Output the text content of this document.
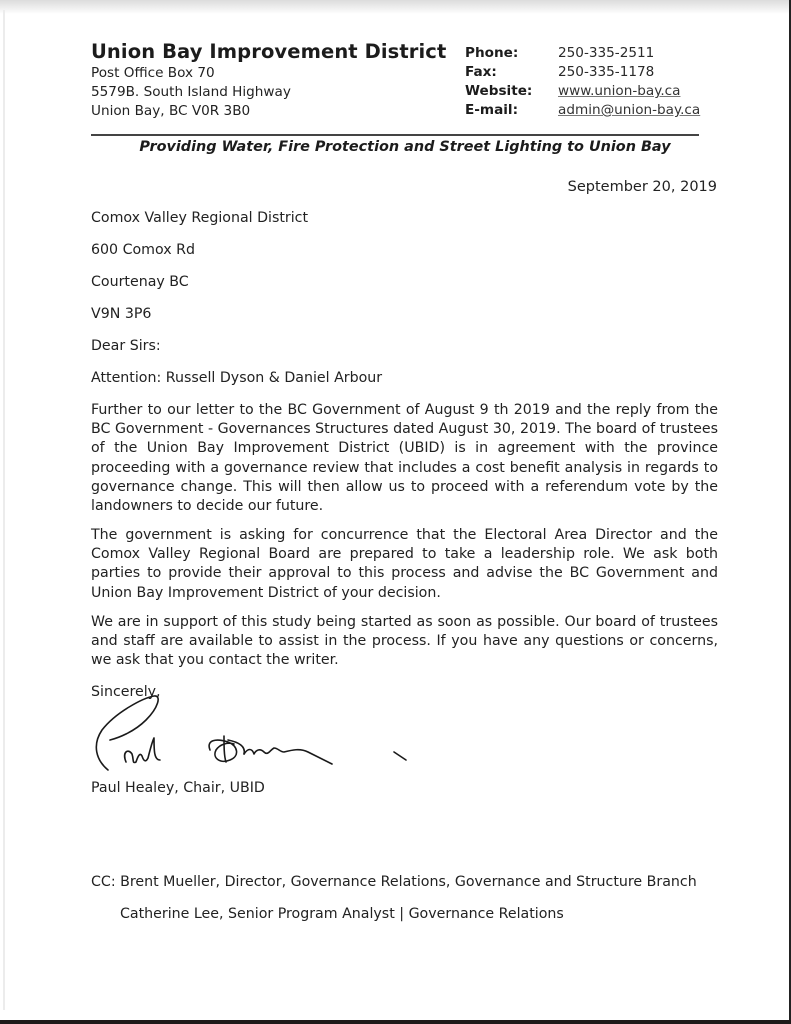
Union Bay Improvement District
Post Office Box 70
5579B. South Island Highway
Union Bay, BC V0R 3B0
Phone:	250-335-2511
Fax:	250-335-1178
Website:	www.union-bay.ca
E-mail:	admin@union-bay.ca
Providing Water, Fire Protection and Street Lighting to Union Bay
September 20, 2019
Comox Valley Regional District
600 Comox Rd
Courtenay BC
V9N 3P6
Dear Sirs:
Attention: Russell Dyson & Daniel Arbour
Further to our letter to the BC Government of August 9 th 2019 and the reply from the BC Government - Governances Structures dated August 30, 2019. The board of trustees of the Union Bay Improvement District (UBID) is in agreement with the province proceeding with a governance review that includes a cost benefit analysis in regards to governance change. This will then allow us to proceed with a referendum vote by the landowners to decide our future.
The government is asking for concurrence that the Electoral Area Director and the Comox Valley Regional Board are prepared to take a leadership role. We ask both parties to provide their approval to this process and advise the BC Government and Union Bay Improvement District of your decision.
We are in support of this study being started as soon as possible. Our board of trustees and staff are available to assist in the process. If you have any questions or concerns, we ask that you contact the writer.
Sincerely,
Paul Healey, Chair, UBID
CC: Brent Mueller, Director, Governance Relations, Governance and Structure Branch
Catherine Lee, Senior Program Analyst | Governance Relations
